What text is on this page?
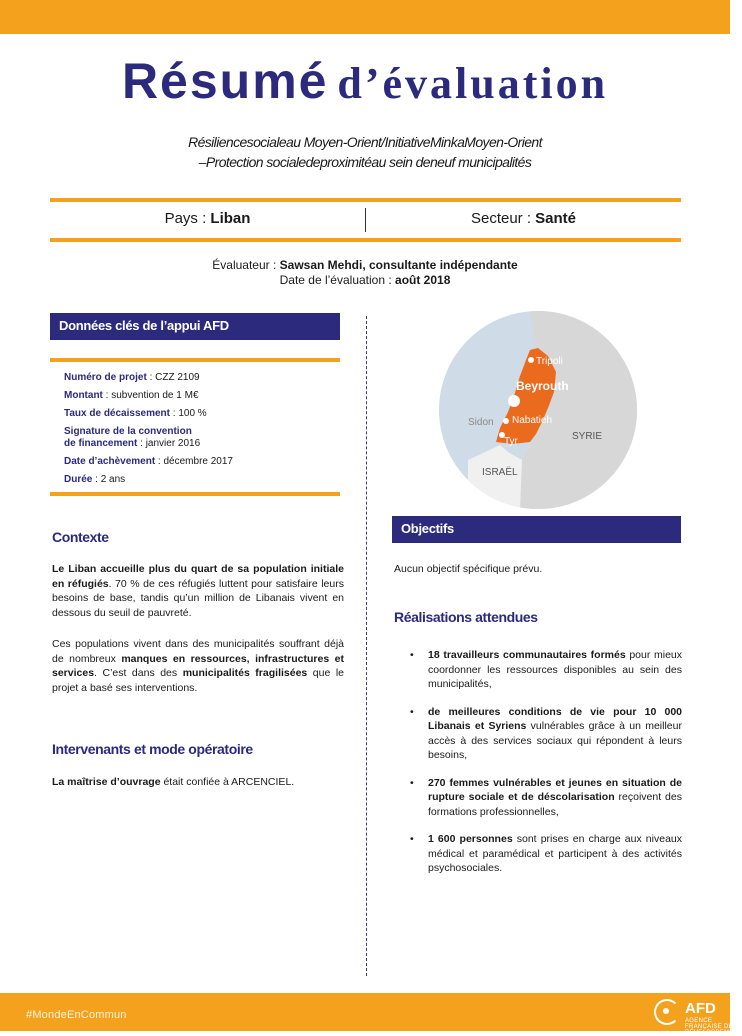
Résumé d’évaluation
Résiliencesocialeau Moyen-Orient/InitiativeMinkaMoyen-Orient
–Protection socialedeproximitéau sein deneuf municipalités
Pays : Liban	Secteur : Santé
Évaluateur : Sawsan Mehdi, consultante indépendante
Date de l’évaluation : août 2018
Données clés de l’appui AFD
Numéro de projet : CZZ 2109
Montant : subvention de 1 M€
Taux de décaissement : 100 %
Signature de la convention
de financement : janvier 2016
Date d’achèvement : décembre 2017
Durée : 2 ans
Contexte

Le Liban accueille plus du quart de sa population initiale en réfugiés. 70 % de ces réfugiés luttent pour satisfaire leurs besoins de base, tandis qu’un million de Libanais vivent en dessous du seuil de pauvreté.

Ces populations vivent dans des municipalités souffrant déjà de nombreux manques en ressources, infrastructures et services. C’est dans des municipalités fragilisées que le projet a basé ses interventions.

Intervenants et mode opératoire

La maîtrise d’ouvrage était confiée à ARCENCIEL.

Tripoli
Beyrouth
Sidon Nabatieh
Tyr	SYRIE
ISRAËL
Objectifs

Aucun objectif spécifique prévu.

Réalisations attendues
• 18 travailleurs communautaires formés pour mieux coordonner les ressources disponibles au sein des municipalités,
• de meilleures conditions de vie pour 10 000 Libanais et Syriens vulnérables grâce à un meilleur accès à des services sociaux qui répondent à leurs besoins,
• 270 femmes vulnérables et jeunes en situation de rupture sociale et de déscolarisation reçoivent des formations professionnelles,
• 1 600 personnes sont prises en charge aux niveaux médical et paramédical et participent à des activités psychosociales.
#MondeEnCommun	AFD
AGENCE FRANÇAISE DE DÉVELOPPEMENT
